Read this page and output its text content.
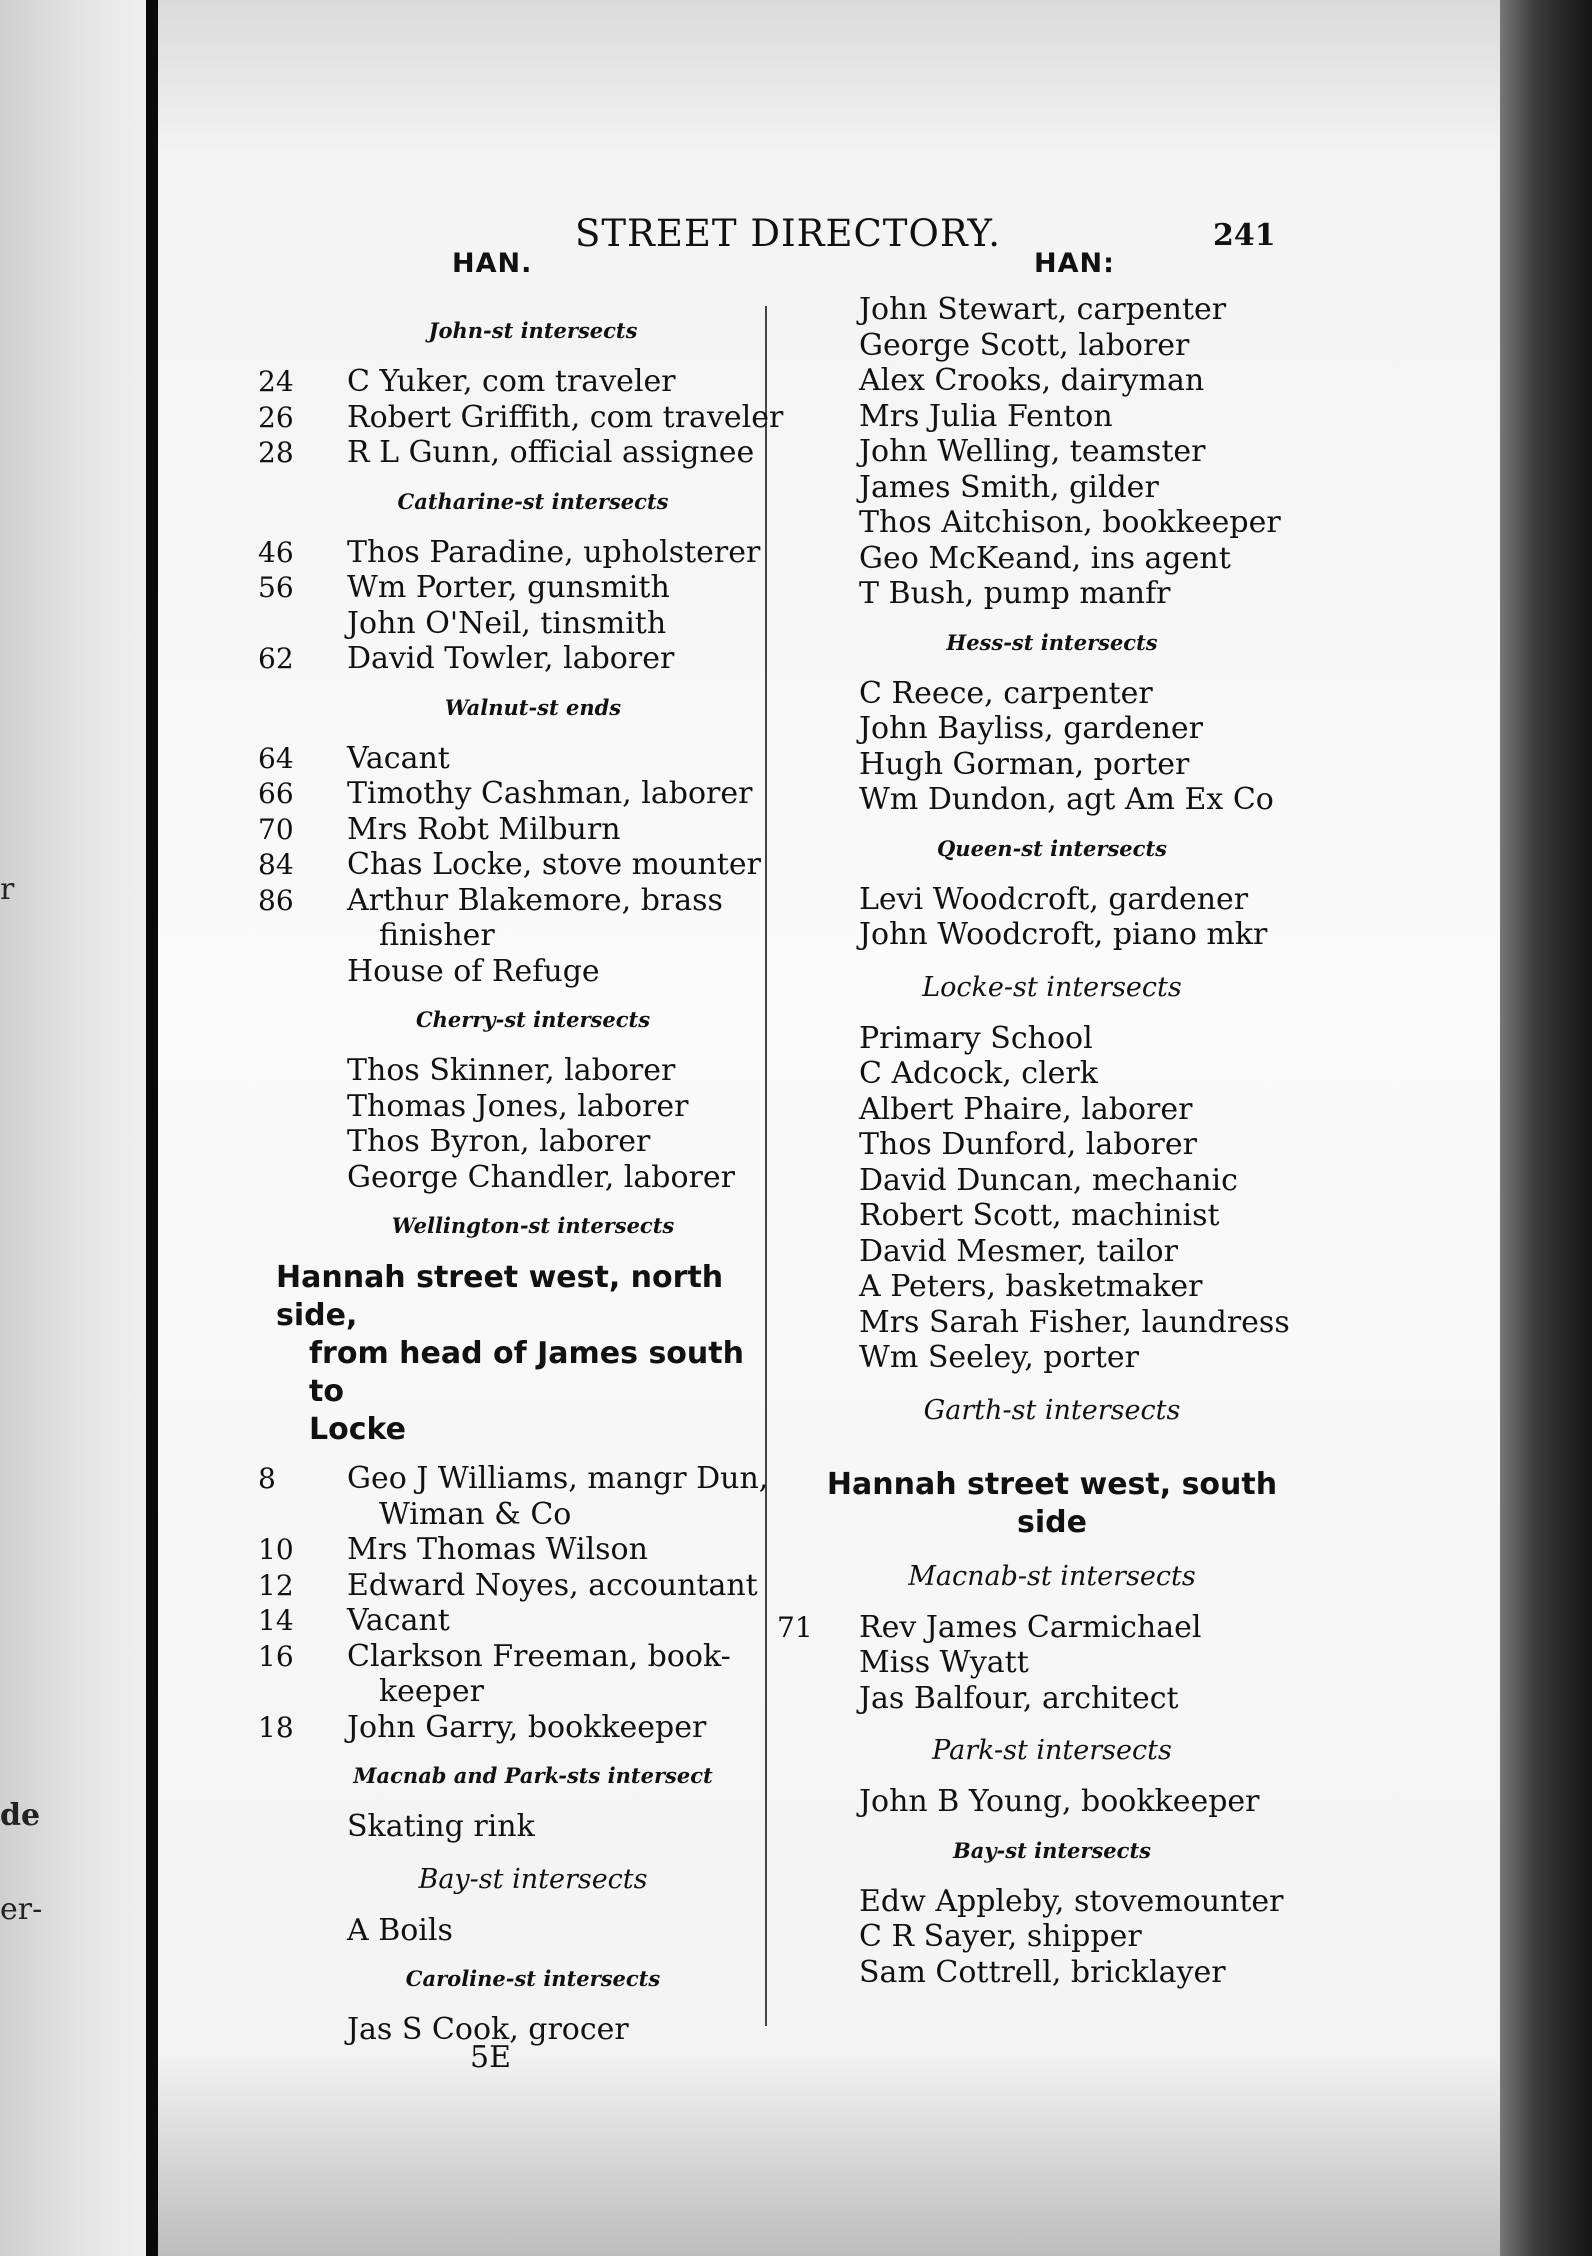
r
de
er-
STREET DIRECTORY.	241
HAN.	HAN:
John-st intersects
24	C Yuker, com traveler
26	Robert Griffith, com traveler
28	R L Gunn, official assignee
Catharine-st intersects
46	Thos Paradine, upholsterer
56	Wm Porter, gunsmith
John O'Neil, tinsmith
62	David Towler, laborer
Walnut-st ends
64	Vacant
66	Timothy Cashman, laborer
70	Mrs Robt Milburn
84	Chas Locke, stove mounter
86	Arthur Blakemore, brass
finisher
House of Refuge
Cherry-st intersects
Thos Skinner, laborer
Thomas Jones, laborer
Thos Byron, laborer
George Chandler, laborer
Wellington-st intersects
Hannah street west, north side,
from head of James south to
Locke
8	Geo J Williams, mangr Dun,
Wiman & Co
10	Mrs Thomas Wilson
12	Edward Noyes, accountant
14	Vacant
16	Clarkson Freeman, book-
keeper
18	John Garry, bookkeeper
Macnab and Park-sts intersect
Skating rink
Bay-st intersects
A Boils
Caroline-st intersects
Jas S Cook, grocer
John Stewart, carpenter
George Scott, laborer
Alex Crooks, dairyman
Mrs Julia Fenton
John Welling, teamster
James Smith, gilder
Thos Aitchison, bookkeeper
Geo McKeand, ins agent
T Bush, pump manfr
Hess-st intersects
C Reece, carpenter
John Bayliss, gardener
Hugh Gorman, porter
Wm Dundon, agt Am Ex Co
Queen-st intersects
Levi Woodcroft, gardener
John Woodcroft, piano mkr
Locke-st intersects
Primary School
C Adcock, clerk
Albert Phaire, laborer
Thos Dunford, laborer
David Duncan, mechanic
Robert Scott, machinist
David Mesmer, tailor
A Peters, basketmaker
Mrs Sarah Fisher, laundress
Wm Seeley, porter
Garth-st intersects
Hannah street west, south side
Macnab-st intersects
71 Rev James Carmichael
Miss Wyatt
Jas Balfour, architect
Park-st intersects
John B Young, bookkeeper
Bay-st intersects
Edw Appleby, stovemounter
C R Sayer, shipper
Sam Cottrell, bricklayer
5E
